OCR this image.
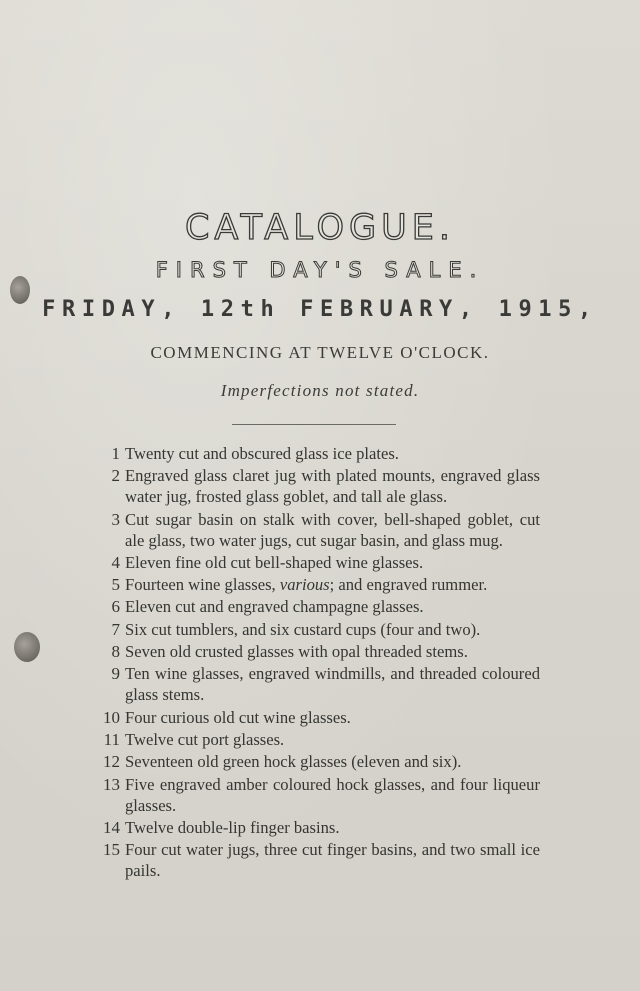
CATALOGUE.
FIRST DAY'S SALE.
FRIDAY, 12th FEBRUARY, 1915,
COMMENCING AT TWELVE O'CLOCK.
Imperfections not stated.
1 Twenty cut and obscured glass ice plates.
2 Engraved glass claret jug with plated mounts, engraved glass water jug, frosted glass goblet, and tall ale glass.
3 Cut sugar basin on stalk with cover, bell-shaped goblet, cut ale glass, two water jugs, cut sugar basin, and glass mug.
4 Eleven fine old cut bell-shaped wine glasses.
5 Fourteen wine glasses, various; and engraved rummer.
6 Eleven cut and engraved champagne glasses.
7 Six cut tumblers, and six custard cups (four and two).
8 Seven old crusted glasses with opal threaded stems.
9 Ten wine glasses, engraved windmills, and threaded coloured glass stems.
10 Four curious old cut wine glasses.
11 Twelve cut port glasses.
12 Seventeen old green hock glasses (eleven and six).
13 Five engraved amber coloured hock glasses, and four liqueur glasses.
14 Twelve double-lip finger basins.
15 Four cut water jugs, three cut finger basins, and two small ice pails.
